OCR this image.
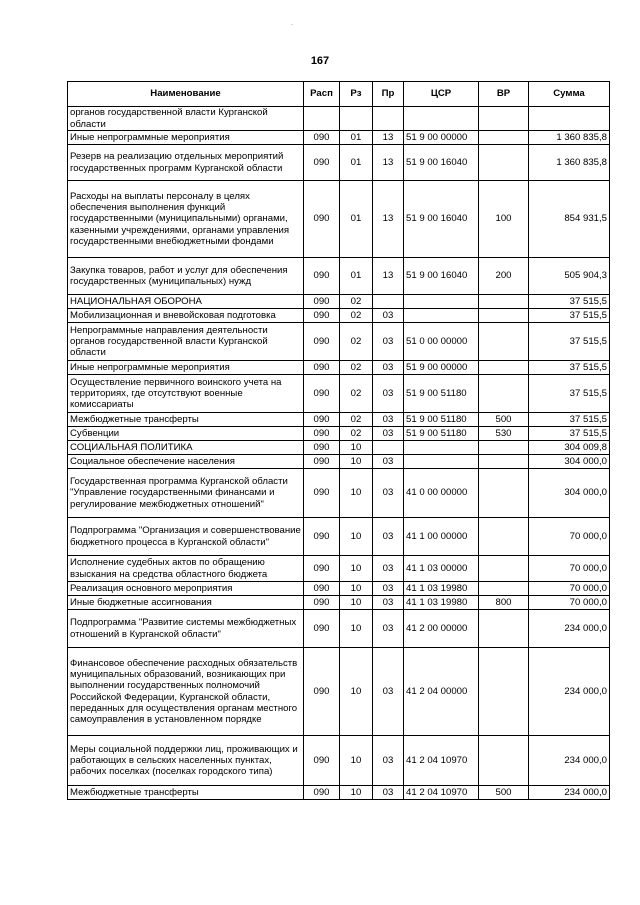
.
167
Наименование	Расп	Рз	Пр	ЦСР	ВР	Сумма
органов государственной власти Курганской области						
Иные непрограммные мероприятия	090	01	13	51 9 00 00000		1 360 835,8
Резерв на реализацию отдельных мероприятий государственных программ Курганской области	090	01	13	51 9 00 16040		1 360 835,8
Расходы на выплаты персоналу в целях обеспечения выполнения функций государственными (муниципальными) органами, казенными учреждениями, органами управления государственными внебюджетными фондами	090	01	13	51 9 00 16040	100	854 931,5
Закупка товаров, работ и услуг для обеспечения государственных (муниципальных) нужд	090	01	13	51 9 00 16040	200	505 904,3
НАЦИОНАЛЬНАЯ ОБОРОНА	090	02				37 515,5
Мобилизационная и вневойсковая подготовка	090	02	03			37 515,5
Непрограммные направления деятельности органов государственной власти Курганской области	090	02	03	51 0 00 00000		37 515,5
Иные непрограммные мероприятия	090	02	03	51 9 00 00000		37 515,5
Осуществление первичного воинского учета на территориях, где отсутствуют военные комиссариаты	090	02	03	51 9 00 51180		37 515,5
Межбюджетные трансферты	090	02	03	51 9 00 51180	500	37 515,5
Субвенции	090	02	03	51 9 00 51180	530	37 515,5
СОЦИАЛЬНАЯ ПОЛИТИКА	090	10				304 009,8
Социальное обеспечение населения	090	10	03			304 000,0
Государственная программа Курганской области "Управление государственными финансами и регулирование межбюджетных отношений"	090	10	03	41 0 00 00000		304 000,0
Подпрограмма "Организация и совершенствование бюджетного процесса в Курганской области"	090	10	03	41 1 00 00000		70 000,0
Исполнение судебных актов по обращению взыскания на средства областного бюджета	090	10	03	41 1 03 00000		70 000,0
Реализация основного мероприятия	090	10	03	41 1 03 19980		70 000,0
Иные бюджетные ассигнования	090	10	03	41 1 03 19980	800	70 000,0
Подпрограмма "Развитие системы межбюджетных отношений в Курганской области"	090	10	03	41 2 00 00000		234 000,0
Финансовое обеспечение расходных обязательств муниципальных образований, возникающих при выполнении государственных полномочий Российской Федерации, Курганской области, переданных для осуществления органам местного самоуправления в установленном порядке	090	10	03	41 2 04 00000		234 000,0
Меры социальной поддержки лиц, проживающих и работающих в сельских населенных пунктах, рабочих поселках (поселках городского типа)	090	10	03	41 2 04 10970		234 000,0
Межбюджетные трансферты	090	10	03	41 2 04 10970	500	234 000,0
